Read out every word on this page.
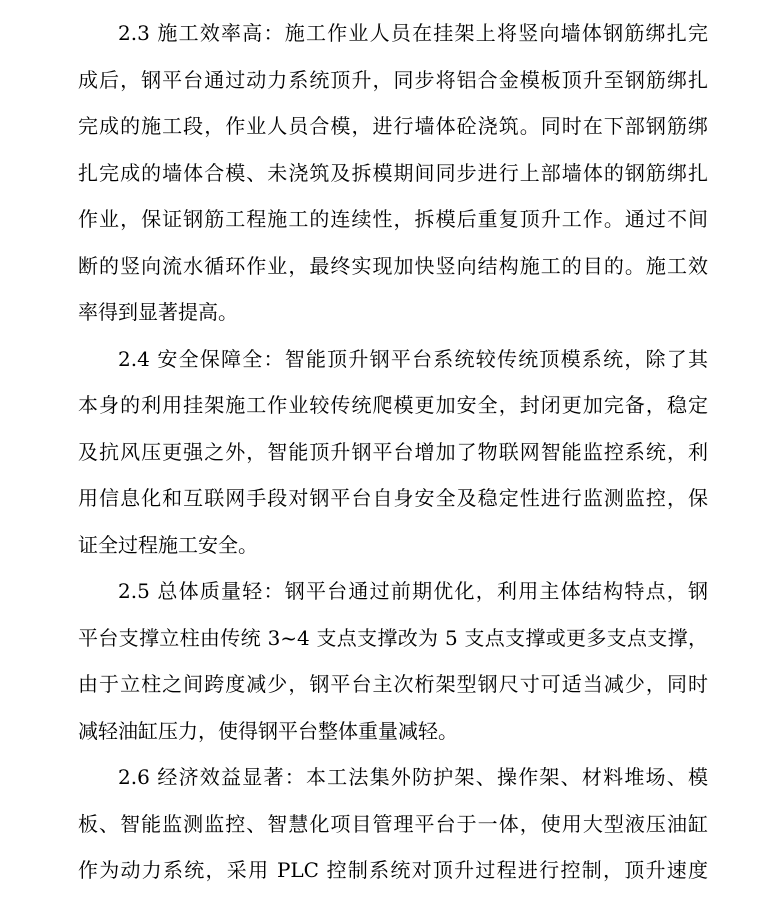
2.3 施工效率高：施工作业人员在挂架上将竖向墙体钢筋绑扎完
成后，钢平台通过动力系统顶升，同步将铝合金模板顶升至钢筋绑扎
完成的施工段，作业人员合模，进行墙体砼浇筑。同时在下部钢筋绑
扎完成的墙体合模、未浇筑及拆模期间同步进行上部墙体的钢筋绑扎
作业，保证钢筋工程施工的连续性，拆模后重复顶升工作。通过不间
断的竖向流水循环作业，最终实现加快竖向结构施工的目的。施工效
率得到显著提高。

2.4 安全保障全：智能顶升钢平台系统较传统顶模系统，除了其
本身的利用挂架施工作业较传统爬模更加安全，封闭更加完备，稳定
及抗风压更强之外，智能顶升钢平台增加了物联网智能监控系统，利
用信息化和互联网手段对钢平台自身安全及稳定性进行监测监控，保
证全过程施工安全。

2.5 总体质量轻：钢平台通过前期优化，利用主体结构特点，钢
平台支撑立柱由传统 3~4 支点支撑改为 5 支点支撑或更多支点支撑，
由于立柱之间跨度减少，钢平台主次桁架型钢尺寸可适当减少，同时
减轻油缸压力，使得钢平台整体重量减轻。

2.6 经济效益显著：本工法集外防护架、操作架、材料堆场、模
板、智能监测监控、智慧化项目管理平台于一体，使用大型液压油缸
作为动力系统，采用 PLC 控制系统对顶升过程进行控制，顶升速度
